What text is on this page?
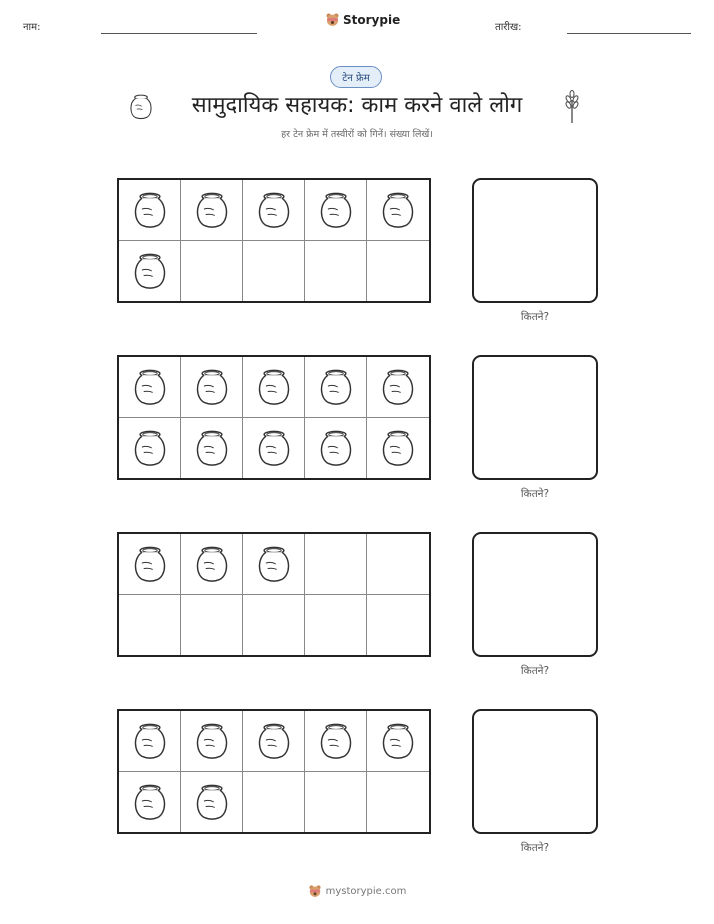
नाम:
Storypie
तारीख:
टेन फ्रेम
सामुदायिक सहायक: काम करने वाले लोग
हर टेन फ्रेम में तस्वीरों को गिनें। संख्या लिखें।
कितने?
कितने?
कितने?
कितने?
mystorypie.com
